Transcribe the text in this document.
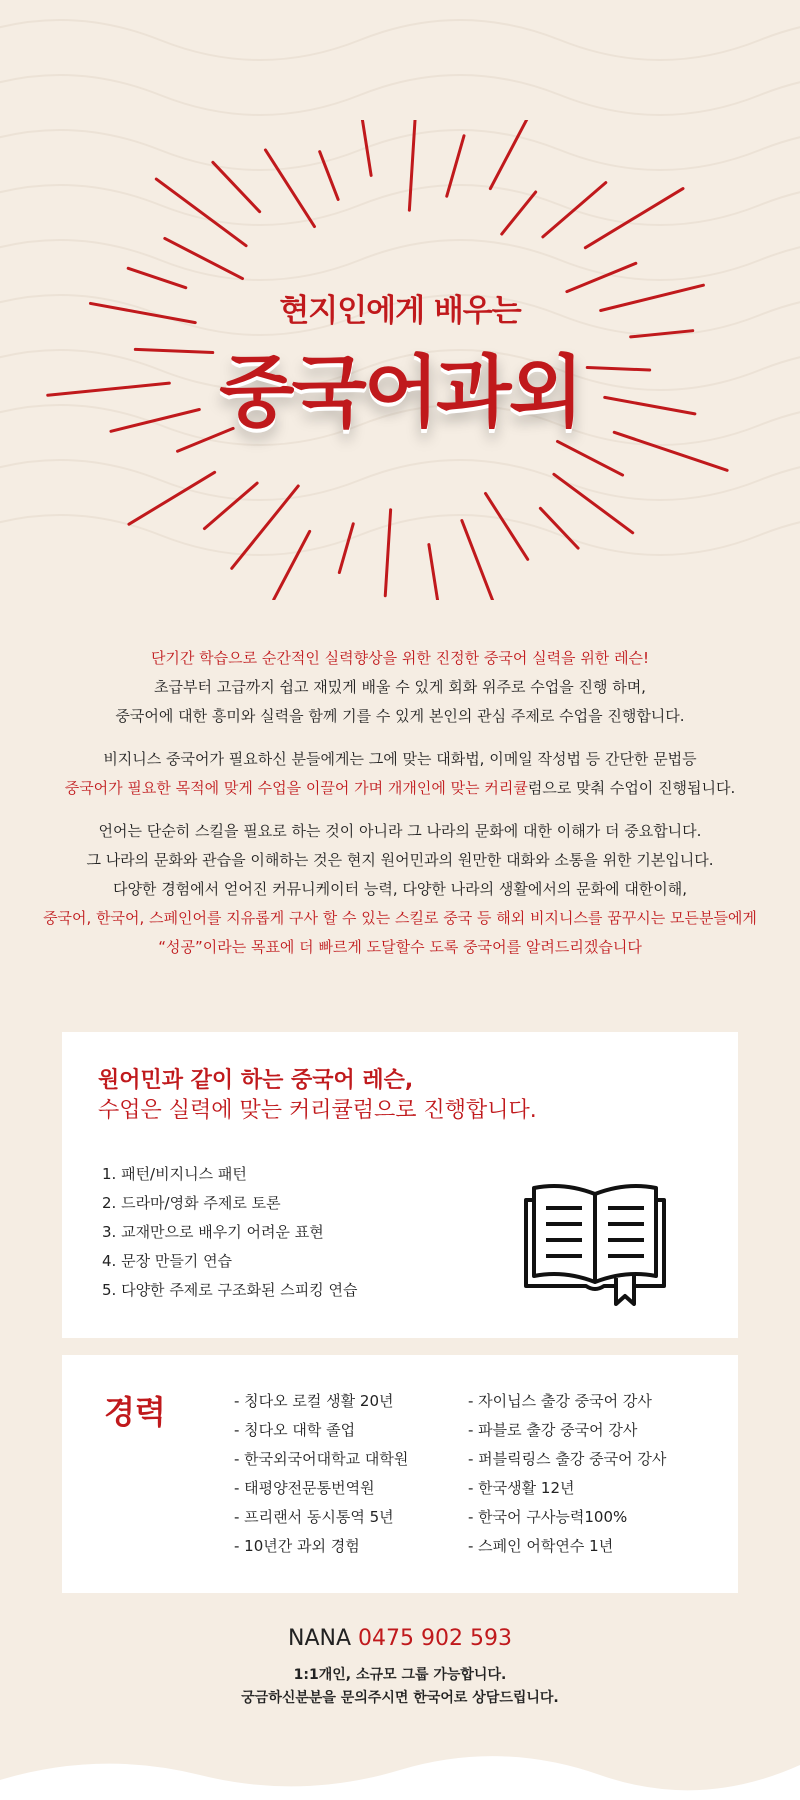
현지인에게 배우는
중국어과외

단기간 학습으로 순간적인 실력향상을 위한 진정한 중국어 실력을 위한 레슨!
초급부터 고급까지 쉽고 재밌게 배울 수 있게 회화 위주로 수업을 진행 하며,
중국어에 대한 흥미와 실력을 함께 기를 수 있게 본인의 관심 주제로 수업을 진행합니다.

비지니스 중국어가 필요하신 분들에게는 그에 맞는 대화법, 이메일 작성법 등 간단한 문법등
중국어가 필요한 목적에 맞게 수업을 이끌어 가며 개개인에 맞는 커리큘럼으로 맞춰 수업이 진행됩니다.

언어는 단순히 스킬을 필요로 하는 것이 아니라 그 나라의 문화에 대한 이해가 더 중요합니다.
그 나라의 문화와 관습을 이해하는 것은 현지 원어민과의 원만한 대화와 소통을 위한 기본입니다.
다양한 경험에서 얻어진 커뮤니케이터 능력, 다양한 나라의 생활에서의 문화에 대한이해,
중국어, 한국어, 스페인어를 지유롭게 구사 할 수 있는 스킬로 중국 등 해외 비지니스를 꿈꾸시는 모든분들에게
“성공”이라는 목표에 더 빠르게 도달할수 도록 중국어를 알려드리겠습니다

원어민과 같이 하는 중국어 레슨,
수업은 실력에 맞는 커리큘럼으로 진행합니다.
1. 패턴/비지니스 패턴
2. 드라마/영화 주제로 토론
3. 교재만으로 배우기 어려운 표현
4. 문장 만들기 연습
5. 다양한 주제로 구조화된 스피킹 연습
경력	- 칭다오 로컬 생활 20년
- 칭다오 대학 졸업
- 한국외국어대학교 대학원
- 태평양전문통번역원
- 프리랜서 동시통역 5년
- 10년간 과외 경험
- 자이닙스 출강 중국어 강사
- 파블로 출강 중국어 강사
- 퍼블릭링스 출강 중국어 강사
- 한국생활 12년
- 한국어 구사능력100%
- 스페인 어학연수 1년
NANA 0475 902 593
1:1개인, 소규모 그룹 가능합니다.
궁금하신분분을 문의주시면 한국어로 상담드립니다.
